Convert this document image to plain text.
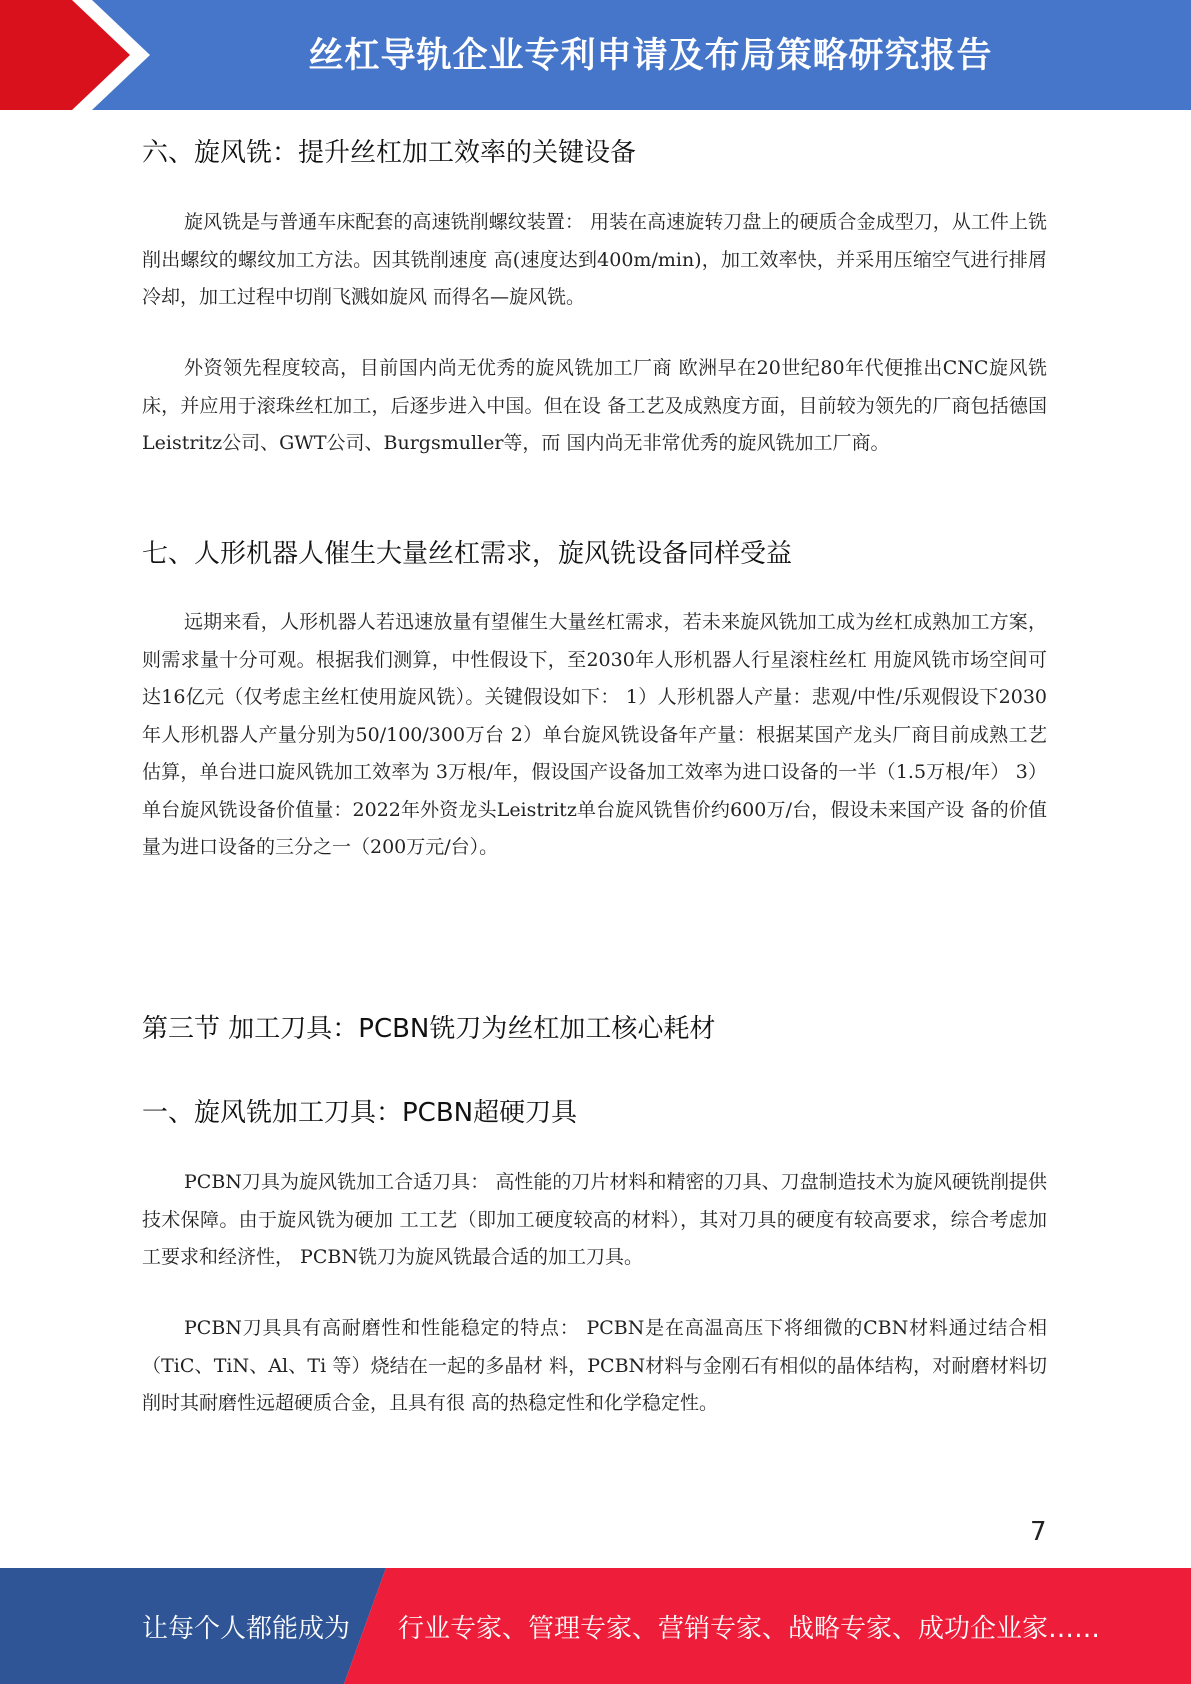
丝杠导轨企业专利申请及布局策略研究报告
六、旋风铣：提升丝杠加工效率的关键设备

旋风铣是与普通车床配套的高速铣削螺纹装置： 用装在高速旋转刀盘上的硬质合金成型刀，从工件上铣削出螺纹的螺纹加工方法。因其铣削速度 高(速度达到400m/min)，加工效率快，并采用压缩空气进行排屑冷却，加工过程中切削飞溅如旋风 而得名—旋风铣。

外资领先程度较高，目前国内尚无优秀的旋风铣加工厂商 欧洲早在20世纪80年代便推出CNC旋风铣床，并应用于滚珠丝杠加工，后逐步进入中国。但在设 备工艺及成熟度方面，目前较为领先的厂商包括德国Leistritz公司、GWT公司、Burgsmuller等，而 国内尚无非常优秀的旋风铣加工厂商。

七、人形机器人催生大量丝杠需求，旋风铣设备同样受益

远期来看，人形机器人若迅速放量有望催生大量丝杠需求，若未来旋风铣加工成为丝杠成熟加工方案，则需求量十分可观。根据我们测算，中性假设下，至2030年人形机器人行星滚柱丝杠 用旋风铣市场空间可达16亿元（仅考虑主丝杠使用旋风铣）。关键假设如下： 1）人形机器人产量：悲观/中性/乐观假设下2030年人形机器人产量分别为50/100/300万台 2）单台旋风铣设备年产量：根据某国产龙头厂商目前成熟工艺估算，单台进口旋风铣加工效率为 3万根/年，假设国产设备加工效率为进口设备的一半（1.5万根/年） 3）单台旋风铣设备价值量：2022年外资龙头Leistritz单台旋风铣售价约600万/台，假设未来国产设 备的价值量为进口设备的三分之一（200万元/台）。

第三节 加工刀具：PCBN铣刀为丝杠加工核心耗材
一、旋风铣加工刀具：PCBN超硬刀具

PCBN刀具为旋风铣加工合适刀具： 高性能的刀片材料和精密的刀具、刀盘制造技术为旋风硬铣削提供技术保障。由于旋风铣为硬加 工工艺（即加工硬度较高的材料），其对刀具的硬度有较高要求，综合考虑加工要求和经济性， PCBN铣刀为旋风铣最合适的加工刀具。

PCBN刀具具有高耐磨性和性能稳定的特点： PCBN是在高温高压下将细微的CBN材料通过结合相（TiC、TiN、Al、Ti 等）烧结在一起的多晶材 料，PCBN材料与金刚石有相似的晶体结构，对耐磨材料切削时其耐磨性远超硬质合金，且具有很 高的热稳定性和化学稳定性。

7
让每个人都能成为 行业专家、管理专家、营销专家、战略专家、成功企业家……
